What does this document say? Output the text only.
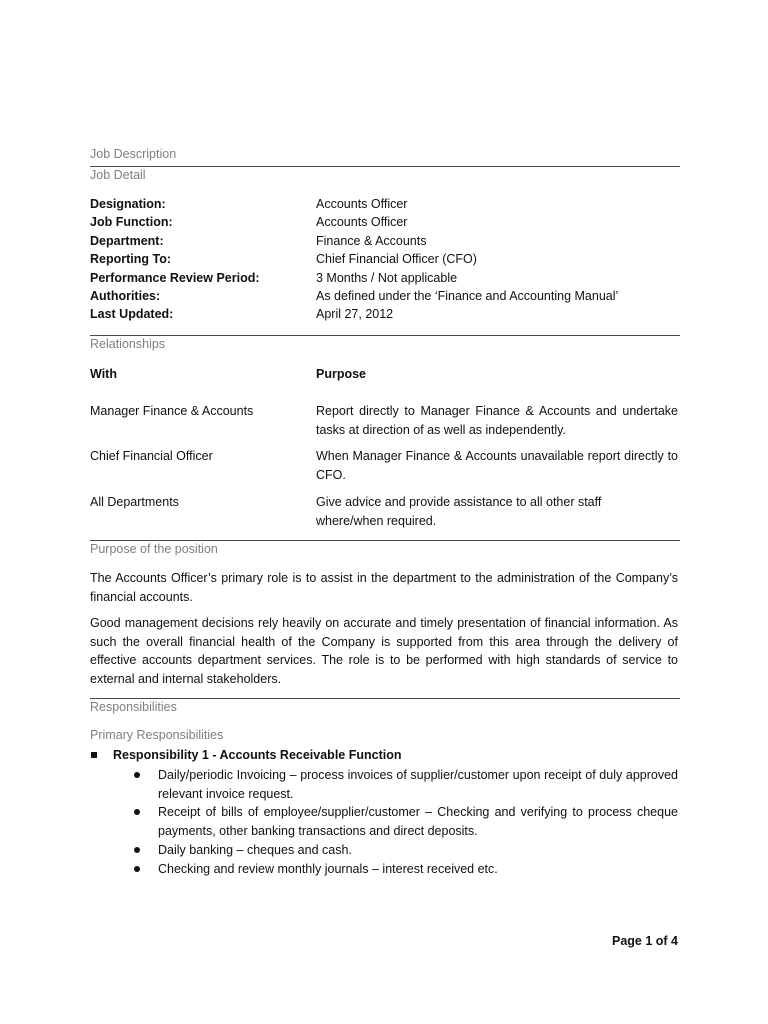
Job Description
Job Detail
Designation:	Accounts Officer
Job Function:	Accounts Officer
Department:	Finance & Accounts
Reporting To:	Chief Financial Officer (CFO)
Performance Review Period:	3 Months / Not applicable
Authorities:	As defined under the ‘Finance and Accounting Manual’
Last Updated:	April 27, 2012
Relationships
With	Purpose
Manager Finance & Accounts	Report directly to Manager Finance & Accounts and undertake tasks at direction of as well as independently.
Chief Financial Officer	When Manager Finance & Accounts unavailable report directly to CFO.
All Departments	Give advice and provide assistance to all other staff where/when required.
Purpose of the position
The Accounts Officer’s primary role is to assist in the department to the administration of the Company’s financial accounts.
Good management decisions rely heavily on accurate and timely presentation of financial information. As such the overall financial health of the Company is supported from this area through the delivery of effective accounts department services. The role is to be performed with high standards of service to external and internal stakeholders.
Responsibilities
Primary Responsibilities
Responsibility 1 - Accounts Receivable Function
Daily/periodic Invoicing – process invoices of supplier/customer upon receipt of duly approved relevant invoice request.
Receipt of bills of employee/supplier/customer – Checking and verifying to process cheque payments, other banking transactions and direct deposits.
Daily banking – cheques and cash.
Checking and review monthly journals – interest received etc.
Page 1 of 4
